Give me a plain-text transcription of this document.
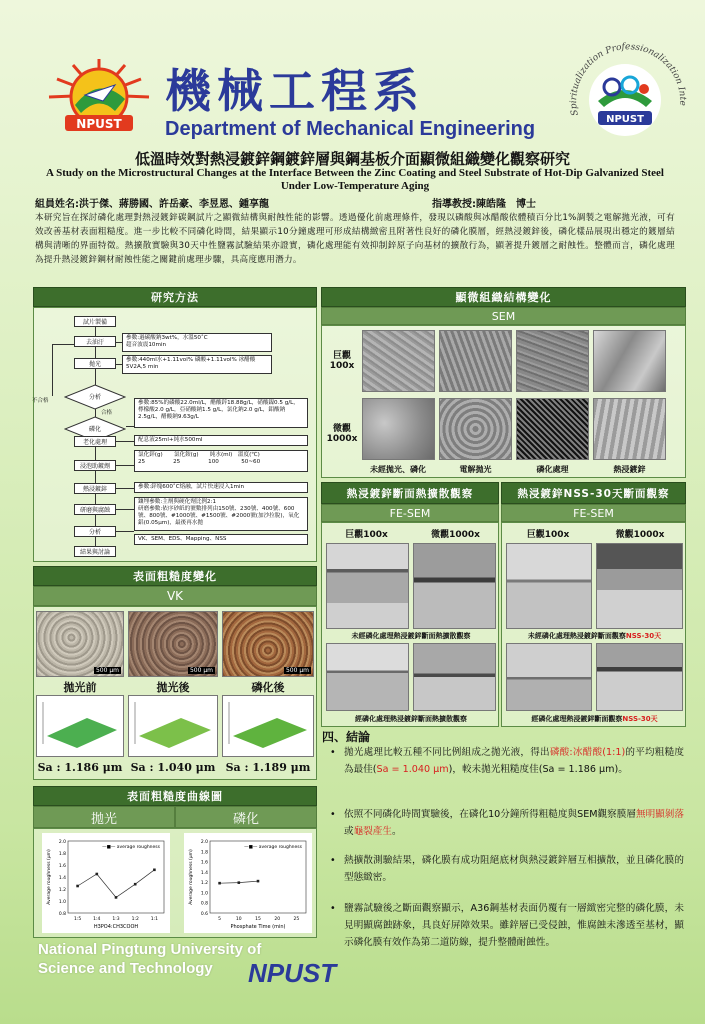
NPUST
機械工程系
Department of Mechanical Engineering
Spiritualization Professionalization Inte
NPUST
低溫時效對熱浸鍍鋅鋼鍍鋅層與鋼基板介面顯微組織變化觀察研究
A Study on the Microstructural Changes at the Interface Between the Zinc Coating and Steel Substrate of Hot-Dip Galvanized Steel Under Low-Temperature Aging
組員姓名:洪于傑、蔣勝國、許岳豪、李昱恩、鍾享龍	指導教授:陳皓隆　博士
本研究旨在探討磷化處理對熱浸鍍鋅碳鋼試片之顯微結構與耐蝕性能的影響。透過優化前處理條件，發現以磷酸與冰醋酸依體積百分比1%調製之電解拋光液，可有效改善基材表面粗糙度。進一步比較不同磷化時間，結果顯示10分鐘處理可形成結構緻密且附著性良好的磷化膜層，經熱浸鍍鋅後，磷化樣品展現出穩定的鍍層結構與清晰的界面特徵。熱擴散實驗與30天中性鹽霧試驗結果亦證實，磷化處理能有效抑制鋅原子向基材的擴散行為，顯著提升鍍層之耐蝕性。整體而言，磷化處理為提升熱浸鍍鋅鋼材耐蝕性能之關鍵前處理步驟，具高度應用潛力。
研究方法
試片製備
去油汙
拋光
分析
不合格
合格
磷化
老化處理
浸泡助鍍劑
熱浸鍍鋅
研磨與腐蝕
分析
結果與討論
參數:過碳酸鈉3wt%，水溫50˚C
超音波震10min
參數:440ml水+1.11vol% 磷酸+1.11vol% 冰醋酸
5V2A,5 min
參數:85%的磷酸22.0ml/L，醋酸鋅18.88g/L，硝酸鎳0.5 g/L，檸檬酸2.0 g/L，亞硝酸鈉1.5 g/L，氯化鈉2.0 g/L，鉬酸鈉2.5g/L，醋酸鈉9.63g/L
配息液25ml+純水500ml
氯化鋅(g)　　氯化銨(g)　　純水(ml)　溫度(℃)
25　　　　　25　　　　　100　　　　50~60
參數:鋅塊600˚C熔融，試片快速浸入1min
鑲埋參數:主劑與硬化劑比例2:1
研磨參數:依序砂紙的號數排列由150號、230號、400號、600號、800號、#1000號、#1500號、#2000號(加沙拉脫)，氧化鋁(0.05μm)，最後再水拋
VK、SEM、EDS、Mapping、NSS
顯微組織結構變化
SEM
巨觀
100x
微觀
1000x
未經拋光、磷化	電解拋光	磷化處理	熱浸鍍鋅
熱浸鍍鋅斷面熱擴散觀察
FE-SEM
巨觀100x	微觀1000x
未經磷化處理熱浸鍍鋅斷面熱擴散觀察
經磷化處理熱浸鍍鋅斷面熱擴散觀察
熱浸鍍鋅NSS-30天斷面觀察
FE-SEM
巨觀100x	微觀1000x
未經磷化處理熱浸鍍鋅斷面觀察NSS-30天
經磷化處理熱浸鍍鋅斷面觀察NSS-30天
表面粗糙度變化
VK
500 μm	500 μm	500 μm
拋光前	拋光後	磷化後
Sa : 1.186 μm Sa : 1.040 μm Sa : 1.189 μm
表面粗糙度曲線圖
拋光	磷化
2.0
1.8
1.6
1.4
1.2
1.0
0.8
1:5	1:4	1:3	1:2	1:1
H3PO4:CH3COOH
Average roughness (μm)
—■— average roughness
2.0
1.8
1.6
1.4
1.2
1.0
0.8
0.6
5	10	15	20	25
Phosphate Time (min)
Average roughness (μm)
—■— average roughness
四、結論
• 拋光處理比較五種不同比例組成之拋光液，得出磷酸:冰醋酸(1:1)的平均粗糙度為最佳(Sa = 1.040 μm)，較未拋光粗糙度佳(Sa = 1.186 μm)。
• 依照不同磷化時間實驗後，在磷化10分鐘所得粗糙度與SEM觀察膜層無明顯剝落或龜裂產生。
• 熱擴散測驗結果，磷化膜有成功阻絕底材與熱浸鍍鋅層互相擴散，並且磷化膜的型態緻密。
• 鹽霧試驗後之斷面觀察顯示，A36鋼基材表面仍覆有一層緻密完整的磷化膜，未見明顯腐蝕跡象，具良好屏障效果。雖鋅層已受侵蝕，惟腐蝕未滲透至基材，顯示磷化膜有效作為第二道防線，提升整體耐蝕性。
National Pingtung University of
Science and Technology	NPUST
